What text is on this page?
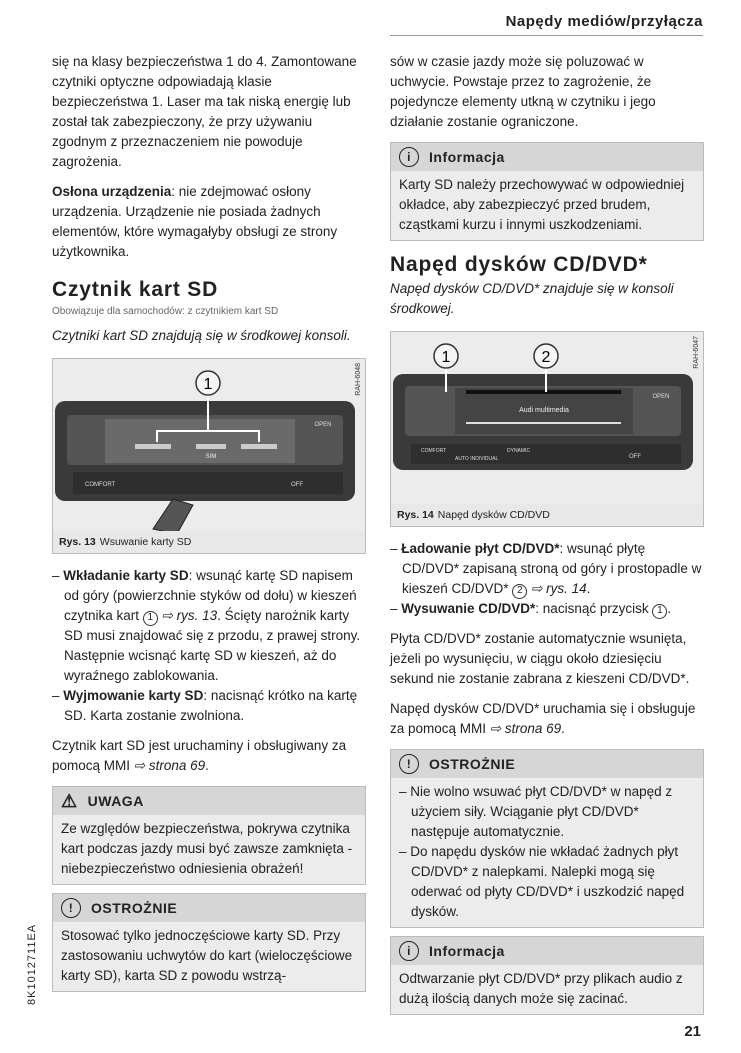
Napędy mediów/przyłącza

się na klasy bezpieczeństwa 1 do 4. Zamontowane czytniki optyczne odpowiadają klasie bezpieczeństwa 1. Laser ma tak niską energię lub został tak zabezpieczony, że przy używaniu zgodnym z przeznaczeniem nie powoduje zagrożenia.

Osłona urządzenia: nie zdejmować osłony urządzenia. Urządzenie nie posiada żadnych elementów, które wymagałyby obsługi ze strony użytkownika.

Czytnik kart SD
Obowiązuje dla samochodów: z czytnikiem kart SD

Czytniki kart SD znajdują się w środkowej konsoli.

SIM
1
OPEN
COMFORT	OFF
RAH-6048
Rys. 13 Wsuwanie karty SD
– Wkładanie karty SD: wsunąć kartę SD napisem od góry (powierzchnie styków od dołu) w kieszeń czytnika kart 1 ⇨ rys. 13. Ścięty narożnik karty SD musi znajdować się z przodu, z prawej strony. Następnie wcisnąć kartę SD w kieszeń, aż do wyraźnego zablokowania.
– Wyjmowanie karty SD: nacisnąć krótko na kartę SD. Karta zostanie zwolniona.

Czytnik kart SD jest uruchaminy i obsługiwany za pomocą MMI ⇨ strona 69.

⚠ UWAGA
Ze względów bezpieczeństwa, pokrywa czytnika kart podczas jazdy musi być zawsze zamknięta - niebezpieczeństwo odniesienia obrażeń!
!	OSTROŻNIE
Stosować tylko jednoczęściowe karty SD. Przy zastosowaniu uchwytów do kart (wieloczęściowe karty SD), karta SD z powodu wstrzą-

sów w czasie jazdy może się poluzować w uchwycie. Powstaje przez to zagrożenie, że pojedyncze elementy utkną w czytniku i jego działanie zostanie ograniczone.

i	Informacja
Karty SD należy przechowywać w odpowiedniej okładce, aby zabezpieczyć przed brudem, cząstkami kurzu i innymi uszkodzeniami.
Napęd dysków CD/DVD*

Napęd dysków CD/DVD* znajduje się w konsoli środkowej.

Audi multimedia
1	2
OPEN
COMFORT
AUTO INDIVIDUAL
DYNAMIC
OFF
RAH-6047
Rys. 14 Napęd dysków CD/DVD
– Ładowanie płyt CD/DVD*: wsunąć płytę CD/DVD* zapisaną stroną od góry i prostopadle w kieszeń CD/DVD* 2 ⇨ rys. 14.
– Wysuwanie CD/DVD*: nacisnąć przycisk 1 .

Płyta CD/DVD* zostanie automatycznie wsunięta, jeżeli po wysunięciu, w ciągu około dziesięciu sekund nie zostanie zabrana z kieszeni CD/DVD*.

Napęd dysków CD/DVD* uruchamia się i obsługuje za pomocą MMI ⇨ strona 69.

!	OSTROŻNIE
– Nie wolno wsuwać płyt CD/DVD* w napęd z użyciem siły. Wciąganie płyt CD/DVD* następuje automatycznie.
– Do napędu dysków nie wkładać żadnych płyt CD/DVD* z nalepkami. Nalepki mogą się oderwać od płyty CD/DVD* i uszkodzić napęd dysków.
i	Informacja
Odtwarzanie płyt CD/DVD* przy plikach audio z dużą ilością danych może się zacinać.
8K1012711EA
21
